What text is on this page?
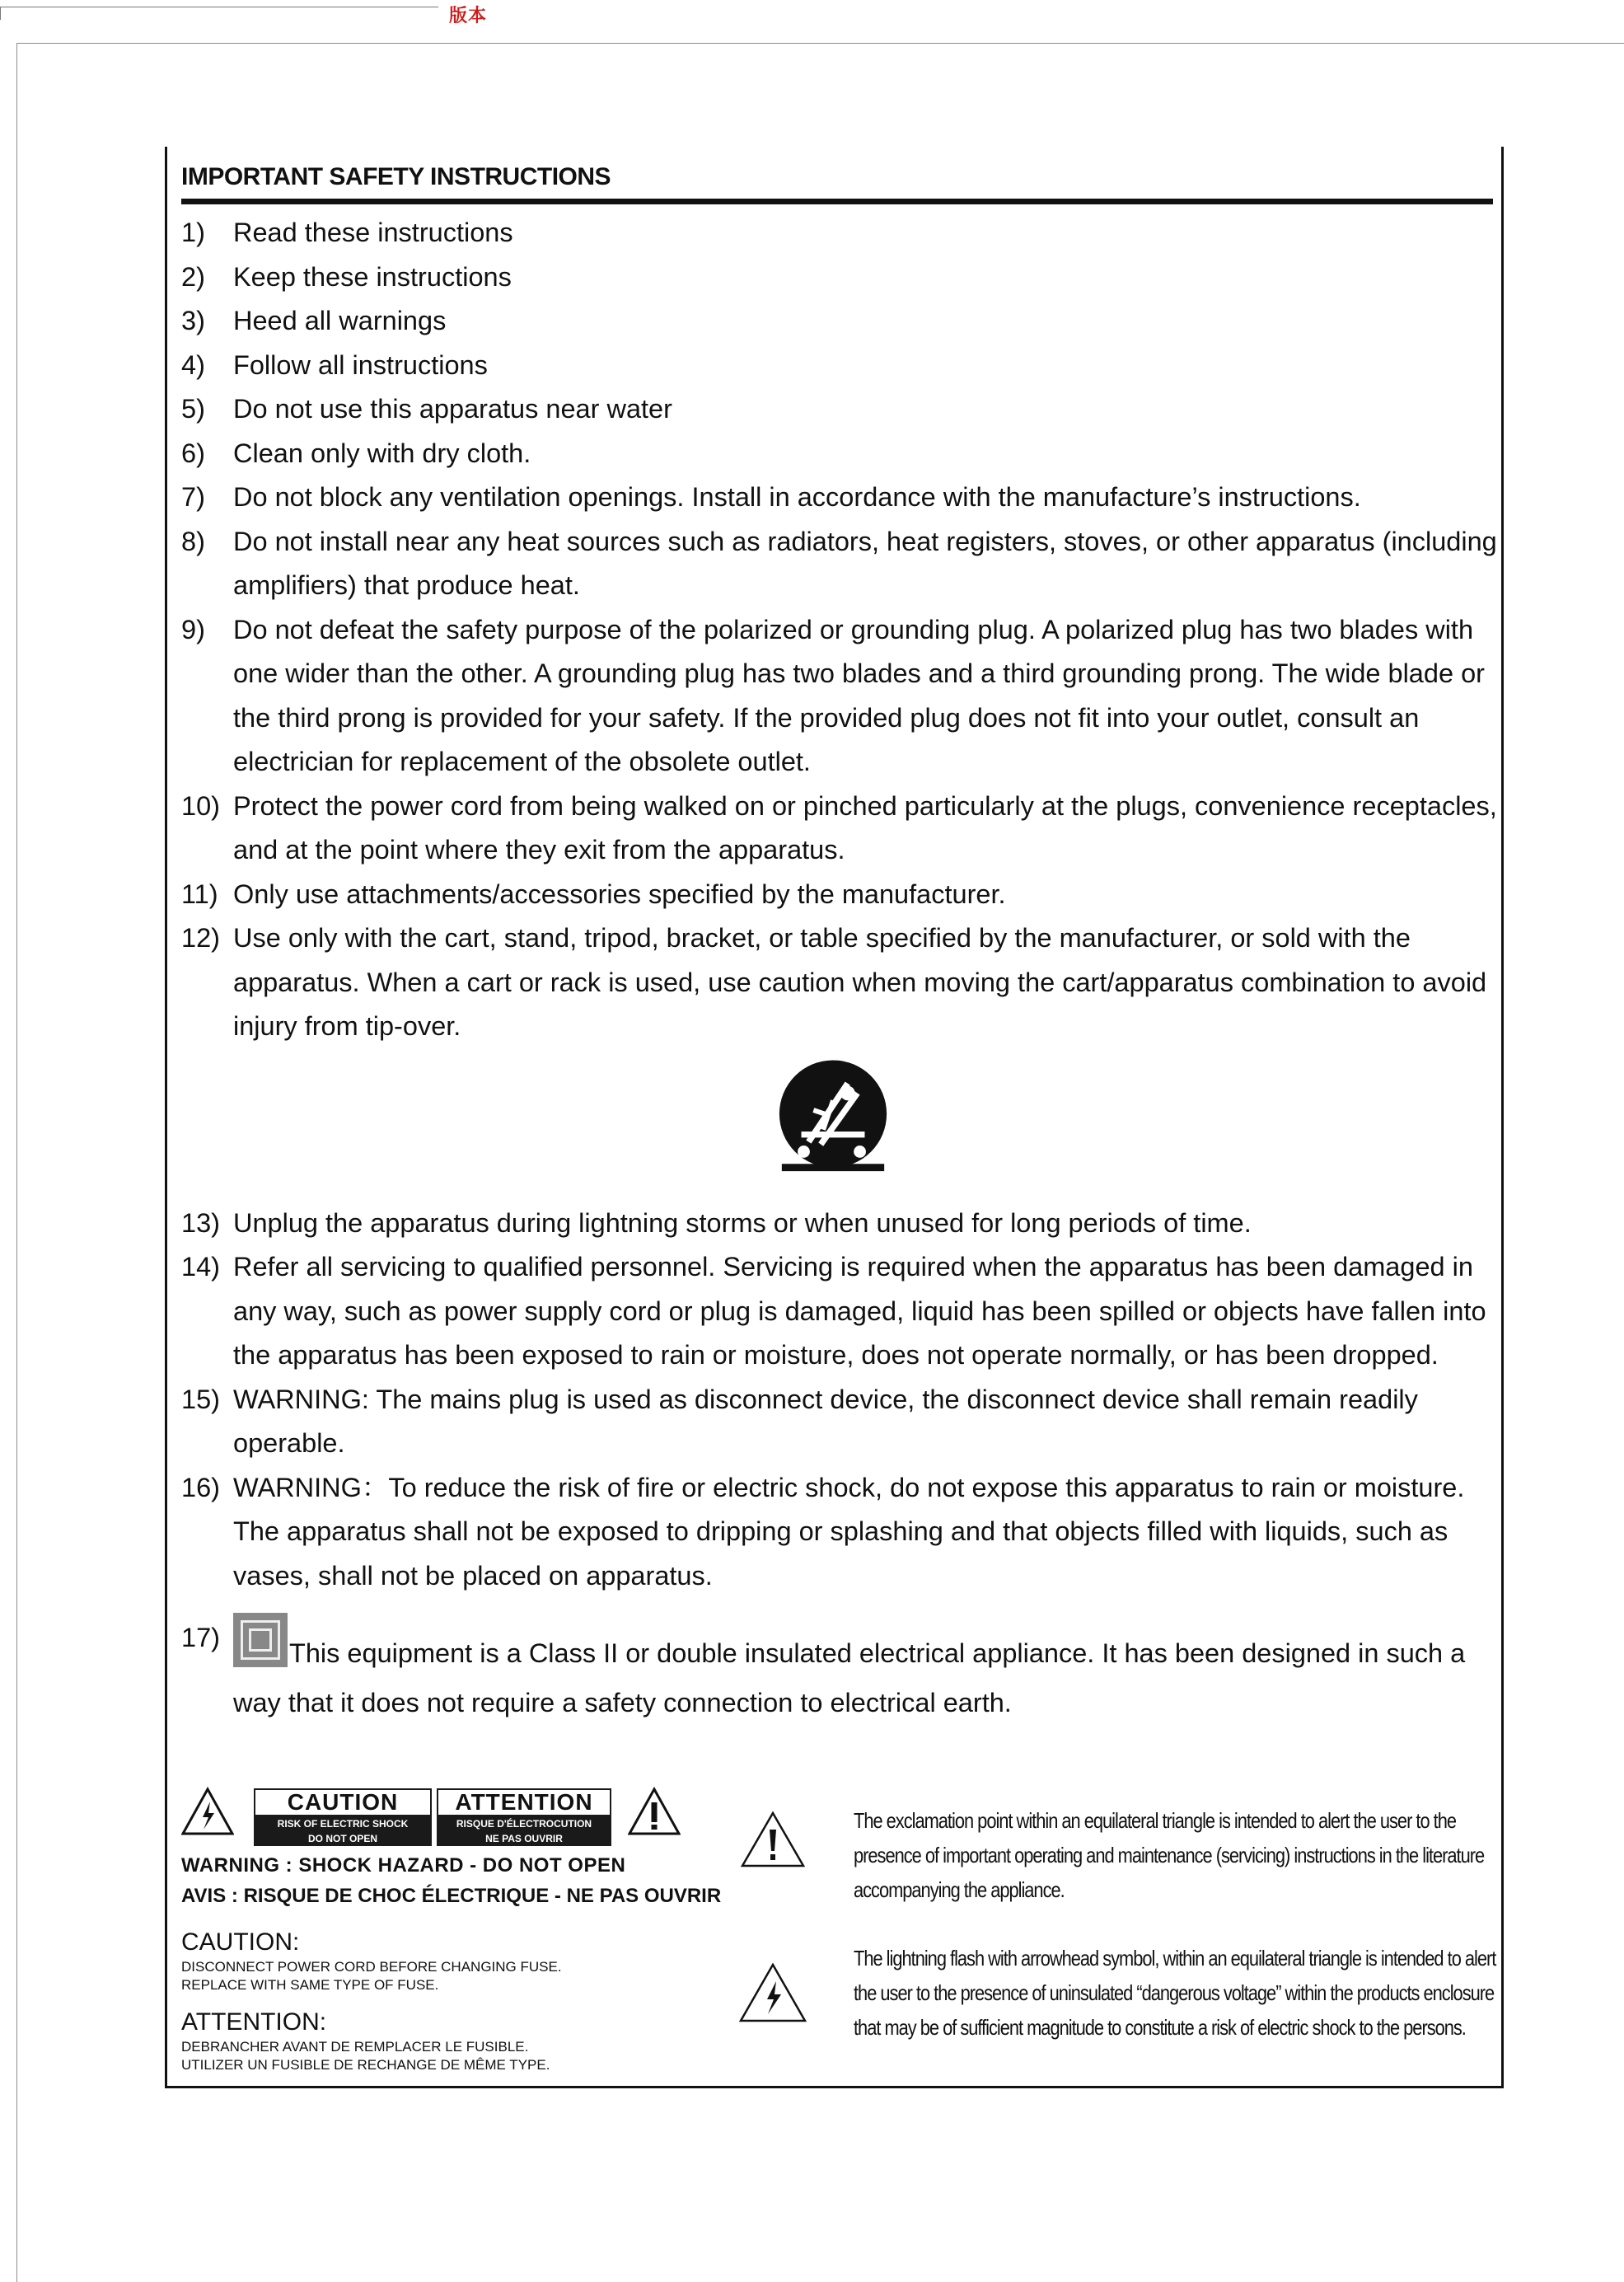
版本
IMPORTANT SAFETY INSTRUCTIONS
1)	Read these instructions
2)	Keep these instructions
3)	Heed all warnings
4)	Follow all instructions
5)	Do not use this apparatus near water
6)	Clean only with dry cloth.
7)	Do not block any ventilation openings. Install in accordance with the manufacture’s instructions.
8)	Do not install near any heat sources such as radiators, heat registers, stoves, or other apparatus (including amplifiers) that produce heat.
9)	Do not defeat the safety purpose of the polarized or grounding plug. A polarized plug has two blades with one wider than the other. A grounding plug has two blades and a third grounding prong. The wide blade or the third prong is provided for your safety. If the provided plug does not fit into your outlet, consult an electrician for replacement of the obsolete outlet.
10) Protect the power cord from being walked on or pinched particularly at the plugs, convenience receptacles, and at the point where they exit from the apparatus.
11) Only use attachments/accessories specified by the manufacturer.
12) Use only with the cart, stand, tripod, bracket, or table specified by the manufacturer, or sold with the apparatus. When a cart or rack is used, use caution when moving the cart/apparatus combination to avoid injury from tip-over.
13) Unplug the apparatus during lightning storms or when unused for long periods of time.
14) Refer all servicing to qualified personnel. Servicing is required when the apparatus has been damaged in any way, such as power supply cord or plug is damaged, liquid has been spilled or objects have fallen into the apparatus has been exposed to rain or moisture, does not operate normally, or has been dropped.
15) WARNING: The mains plug is used as disconnect device, the disconnect device shall remain readily operable.
16) WARNING：To reduce the risk of fire or electric shock, do not expose this apparatus to rain or moisture. The apparatus shall not be exposed to dripping or splashing and that objects filled with liquids, such as vases, shall not be placed on apparatus.
17)
This equipment is a Class II or double insulated electrical appliance. It has been designed in such a way that it does not require a safety connection to electrical earth.
CAUTION
RISK OF ELECTRIC SHOCK
DO NOT OPEN
ATTENTION
RISQUE D'ÉLECTROCUTION
NE PAS OUVRIR
WARNING : SHOCK HAZARD - DO NOT OPEN
AVIS : RISQUE DE CHOC ÉLECTRIQUE - NE PAS OUVRIR
CAUTION:
DISCONNECT POWER CORD BEFORE CHANGING FUSE.
REPLACE WITH SAME TYPE OF FUSE.
ATTENTION:
DEBRANCHER AVANT DE REMPLACER LE FUSIBLE.
UTILIZER UN FUSIBLE DE RECHANGE DE MÊME TYPE.
The exclamation point within an equilateral triangle is intended to alert the user to the presence of important operating and maintenance (servicing) instructions in the literature accompanying the appliance.
The lightning flash with arrowhead symbol, within an equilateral triangle is intended to alert the user to the presence of uninsulated “dangerous voltage” within the products enclosure that may be of sufficient magnitude to constitute a risk of electric shock to the persons.
